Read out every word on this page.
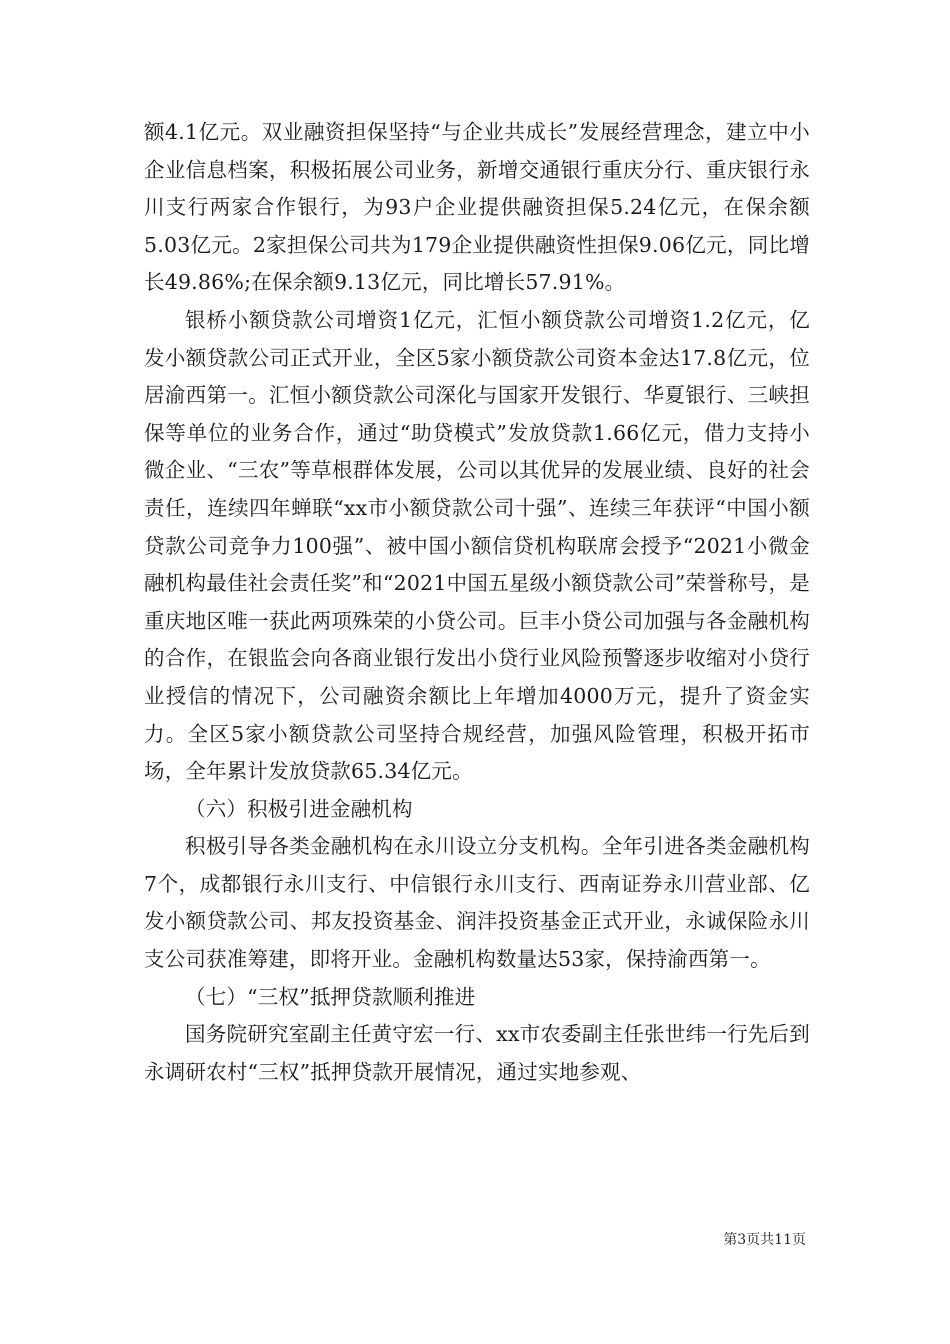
额4.1亿元。双业融资担保坚持“与企业共成长”发展经营理念，建立中小企业信息档案，积极拓展公司业务，新增交通银行重庆分行、重庆银行永川支行两家合作银行，为93户企业提供融资担保5.24亿元，在保余额5.03亿元。2家担保公司共为179企业提供融资性担保9.06亿元，同比增长49.86%;在保余额9.13亿元，同比增长57.91%。

银桥小额贷款公司增资1亿元，汇恒小额贷款公司增资1.2亿元，亿发小额贷款公司正式开业，全区5家小额贷款公司资本金达17.8亿元，位居渝西第一。汇恒小额贷款公司深化与国家开发银行、华夏银行、三峡担保等单位的业务合作，通过“助贷模式”发放贷款1.66亿元，借力支持小微企业、“三农”等草根群体发展，公司以其优异的发展业绩、良好的社会责任，连续四年蝉联“xx市小额贷款公司十强”、连续三年获评“中国小额贷款公司竞争力100强”、被中国小额信贷机构联席会授予“2021小微金融机构最佳社会责任奖”和“2021中国五星级小额贷款公司”荣誉称号，是重庆地区唯一获此两项殊荣的小贷公司。巨丰小贷公司加强与各金融机构的合作，在银监会向各商业银行发出小贷行业风险预警逐步收缩对小贷行业授信的情况下，公司融资余额比上年增加4000万元，提升了资金实力。全区5家小额贷款公司坚持合规经营，加强风险管理，积极开拓市场，全年累计发放贷款65.34亿元。

（六）积极引进金融机构

积极引导各类金融机构在永川设立分支机构。全年引进各类金融机构7个，成都银行永川支行、中信银行永川支行、西南证券永川营业部、亿发小额贷款公司、邦友投资基金、润沣投资基金正式开业，永诚保险永川支公司获准筹建，即将开业。金融机构数量达53家，保持渝西第一。

（七）“三权”抵押贷款顺利推进

国务院研究室副主任黄守宏一行、xx市农委副主任张世纬一行先后到永调研农村“三权”抵押贷款开展情况，通过实地参观、

第3页共11页
